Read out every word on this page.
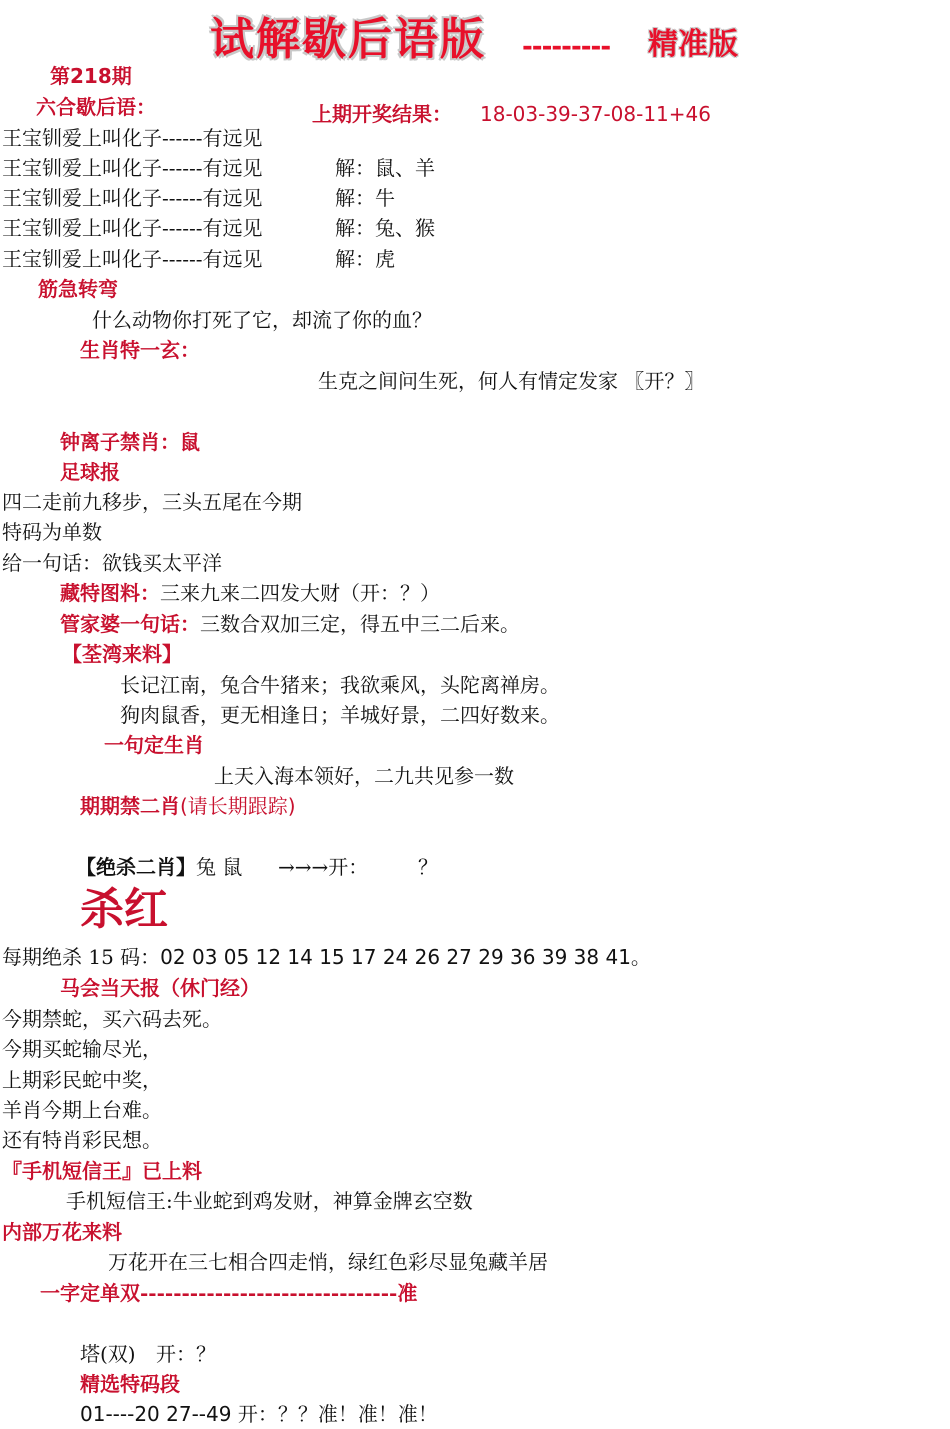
试解歇后语版 --------- 精准版
第218期
六合歇后语：	上期开奖结果： 18-03-39-37-08-11+46
王宝钏爱上叫化子------有远见
王宝钏爱上叫化子------有远见	解：鼠、羊
王宝钏爱上叫化子------有远见	解：牛
王宝钏爱上叫化子------有远见	解：兔、猴
王宝钏爱上叫化子------有远见	解：虎
筋急转弯
什么动物你打死了它，却流了你的血？
生肖特一玄：
生克之间问生死，何人有情定发家 〖开？〗
钟离子禁肖：鼠
足球报
四二走前九移步，三头五尾在今期
特码为单数
给一句话：欲钱买太平洋
藏特图料：三来九来二四发大财（开：？）
管家婆一句话：三数合双加三定，得五中三二后来。
【荃湾来料】
长记江南，兔合牛猪来；我欲乘风，头陀离禅房。
狗肉鼠香，更无相逢日；羊城好景，二四好数来。
一句定生肖
上天入海本领好，二九共见参一数
期期禁二肖(请长期跟踪)
【绝杀二肖】兔 鼠 →→→开： ？
杀红
每期绝杀 15 码：02 03 05 12 14 15 17 24 26 27 29 36 39 38 41。
马会当天报（休门经）
今期禁蛇，买六码去死。
今期买蛇输尽光，
上期彩民蛇中奖，
羊肖今期上台难。
还有特肖彩民想。
『手机短信王』已上料
手机短信王:牛业蛇到鸡发财，神算金牌玄空数
内部万花来料
万花开在三七相合四走悄，绿红色彩尽显兔藏羊居
一字定单双-------------------------------准
塔(双) 开：？
精选特码段
01----20 27--49 开：？？准！准！准！
